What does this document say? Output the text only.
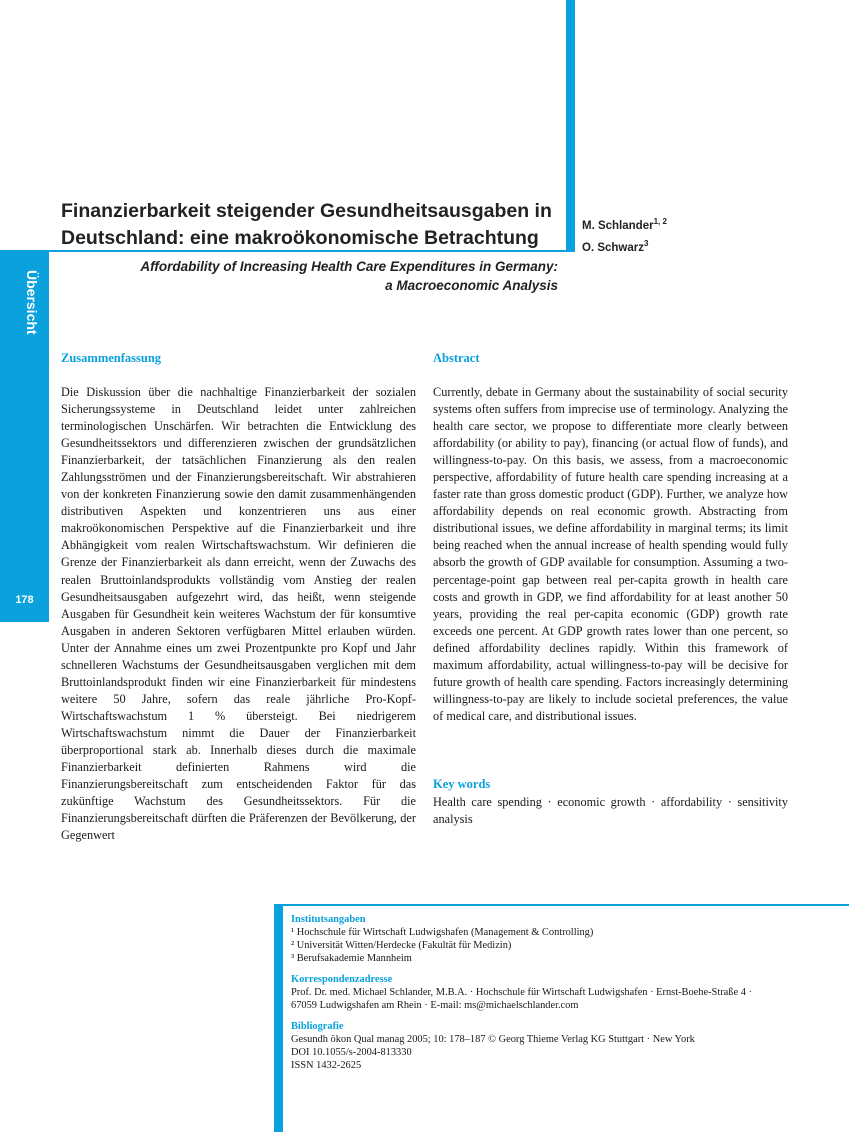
Übersicht
178
Finanzierbarkeit steigender Gesundheitsausgaben in Deutschland: eine makroökonomische Betrachtung
M. Schlander$^{1, 2}$
O. Schwarz$^3$
Affordability of Increasing Health Care Expenditures in Germany:
a Macroeconomic Analysis
Zusammenfassung

Die Diskussion über die nachhaltige Finanzierbarkeit der sozialen Sicherungssysteme in Deutschland leidet unter zahlreichen terminologischen Unschärfen. Wir betrachten die Entwicklung des Gesundheitssektors und differenzieren zwischen der grundsätzlichen Finanzierbarkeit, der tatsächlichen Finanzierung als den realen Zahlungsströmen und der Finanzierungsbereitschaft. Wir abstrahieren von der konkreten Finanzierung sowie den damit zusammenhängenden distributiven Aspekten und konzentrieren uns aus einer makroökonomischen Perspektive auf die Finanzierbarkeit und ihre Abhängigkeit vom realen Wirtschaftswachstum. Wir definieren die Grenze der Finanzierbarkeit als dann erreicht, wenn der Zuwachs des realen Bruttoinlandsprodukts vollständig vom Anstieg der realen Gesundheitsausgaben aufgezehrt wird, das heißt, wenn steigende Ausgaben für Gesundheit kein weiteres Wachstum der für konsumtive Ausgaben in anderen Sektoren verfügbaren Mittel erlauben würden. Unter der Annahme eines um zwei Prozentpunkte pro Kopf und Jahr schnelleren Wachstums der Gesundheitsausgaben verglichen mit dem Bruttoinlandsprodukt finden wir eine Finanzierbarkeit für mindestens weitere 50 Jahre, sofern das reale jährliche Pro-Kopf-Wirtschaftswachstum 1 % übersteigt. Bei niedrigerem Wirtschaftswachstum nimmt die Dauer der Finanzierbarkeit überproportional stark ab. Innerhalb dieses durch die maximale Finanzierbarkeit definierten Rahmens wird die Finanzierungsbereitschaft zum entscheidenden Faktor für das zukünftige Wachstum des Gesundheitssektors. Für die Finanzierungsbereitschaft dürften die Präferenzen der Bevölkerung, der Gegenwert

Abstract

Currently, debate in Germany about the sustainability of social security systems often suffers from imprecise use of terminology. Analyzing the health care sector, we propose to differentiate more clearly between affordability (or ability to pay), financing (or actual flow of funds), and willingness-to-pay. On this basis, we assess, from a macroeconomic perspective, affordability of future health care spending increasing at a faster rate than gross domestic product (GDP). Further, we analyze how affordability depends on real economic growth. Abstracting from distributional issues, we define affordability in marginal terms; its limit being reached when the annual increase of health spending would fully absorb the growth of GDP available for consumption. Assuming a two-percentage-point gap between real per-capita growth in health care costs and growth in GDP, we find affordability for at least another 50 years, providing the real per-capita economic (GDP) growth rate exceeds one percent. At GDP growth rates lower than one percent, so defined affordability declines rapidly. Within this framework of maximum affordability, actual willingness-to-pay will be decisive for future growth of health care spending. Factors increasingly determining willingness-to-pay are likely to include societal preferences, the value of medical care, and distributional issues.

Key words

Health care spending · economic growth · affordability · sensitivity analysis

Institutsangaben
¹ Hochschule für Wirtschaft Ludwigshafen (Management & Controlling)
² Universität Witten/Herdecke (Fakultät für Medizin)
³ Berufsakademie Mannheim
Korrespondenzadresse
Prof. Dr. med. Michael Schlander, M.B.A. · Hochschule für Wirtschaft Ludwigshafen · Ernst-Boehe-Straße 4 ·
67059 Ludwigshafen am Rhein · E-mail: ms@michaelschlander.com
Bibliografie
Gesundh ökon Qual manag 2005; 10: 178–187 © Georg Thieme Verlag KG Stuttgart · New York
DOI 10.1055/s-2004-813330
ISSN 1432-2625
